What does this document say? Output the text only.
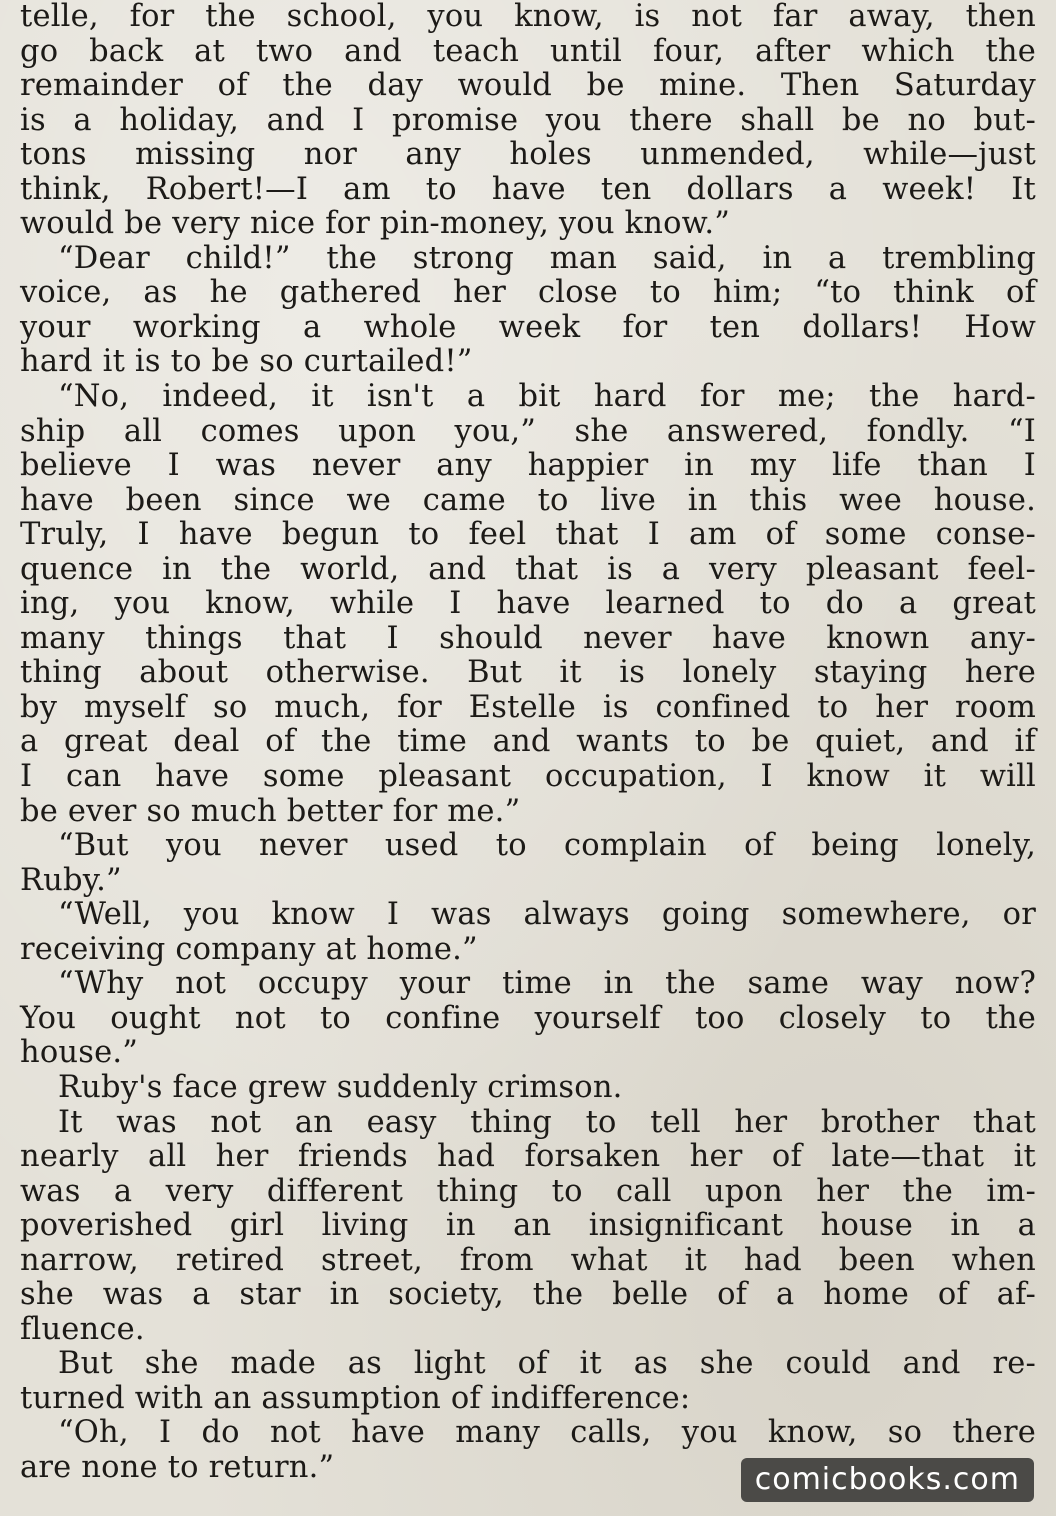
telle, for the school, you know, is not far away, then
go back at two and teach until four, after which the
remainder of the day would be mine. Then Saturday
is a holiday, and I promise you there shall be no but-
tons missing nor any holes unmended, while—just
think, Robert!—I am to have ten dollars a week! It
would be very nice for pin-money, you know.”
“Dear child!” the strong man said, in a trembling
voice, as he gathered her close to him; “to think of
your working a whole week for ten dollars! How
hard it is to be so curtailed!”
“No, indeed, it isn't a bit hard for me; the hard-
ship all comes upon you,” she answered, fondly. “I
believe I was never any happier in my life than I
have been since we came to live in this wee house.
Truly, I have begun to feel that I am of some conse-
quence in the world, and that is a very pleasant feel-
ing, you know, while I have learned to do a great
many things that I should never have known any-
thing about otherwise. But it is lonely staying here
by myself so much, for Estelle is confined to her room
a great deal of the time and wants to be quiet, and if
I can have some pleasant occupation, I know it will
be ever so much better for me.”
“But you never used to complain of being lonely,
Ruby.”
“Well, you know I was always going somewhere, or
receiving company at home.”
“Why not occupy your time in the same way now?
You ought not to confine yourself too closely to the
house.”
Ruby's face grew suddenly crimson.
It was not an easy thing to tell her brother that
nearly all her friends had forsaken her of late—that it
was a very different thing to call upon her the im-
poverished girl living in an insignificant house in a
narrow, retired street, from what it had been when
she was a star in society, the belle of a home of af-
fluence.
But she made as light of it as she could and re-
turned with an assumption of indifference:
“Oh, I do not have many calls, you know, so there
are none to return.”	comicbooks.com
